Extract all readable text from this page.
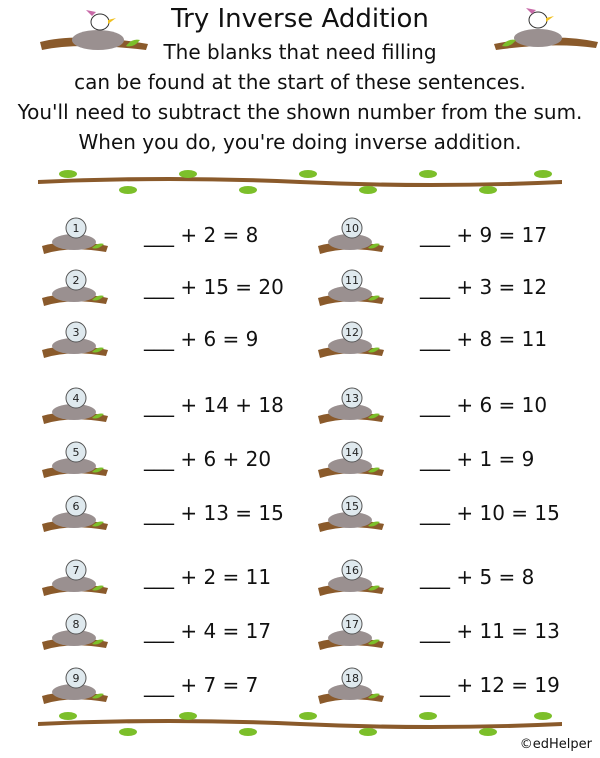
Try Inverse Addition
The blanks that need filling
can be found at the start of these sentences.
You'll need to subtract the shown number from the sum.
When you do, you're doing inverse addition.
1	___ + 2 = 8
2	___ + 15 = 20
3	___ + 6 = 9
4	___ + 14 + 18
5	___ + 6 + 20
6	___ + 13 = 15
7	___ + 2 = 11
8	___ + 4 = 17
9	___ + 7 = 7
10	___ + 9 = 17
11	___ + 3 = 12
12	___ + 8 = 11
13	___ + 6 = 10
14	___ + 1 = 9
15	___ + 10 = 15
16	___ + 5 = 8
17	___ + 11 = 13
18	___ + 12 = 19
©edHelper
